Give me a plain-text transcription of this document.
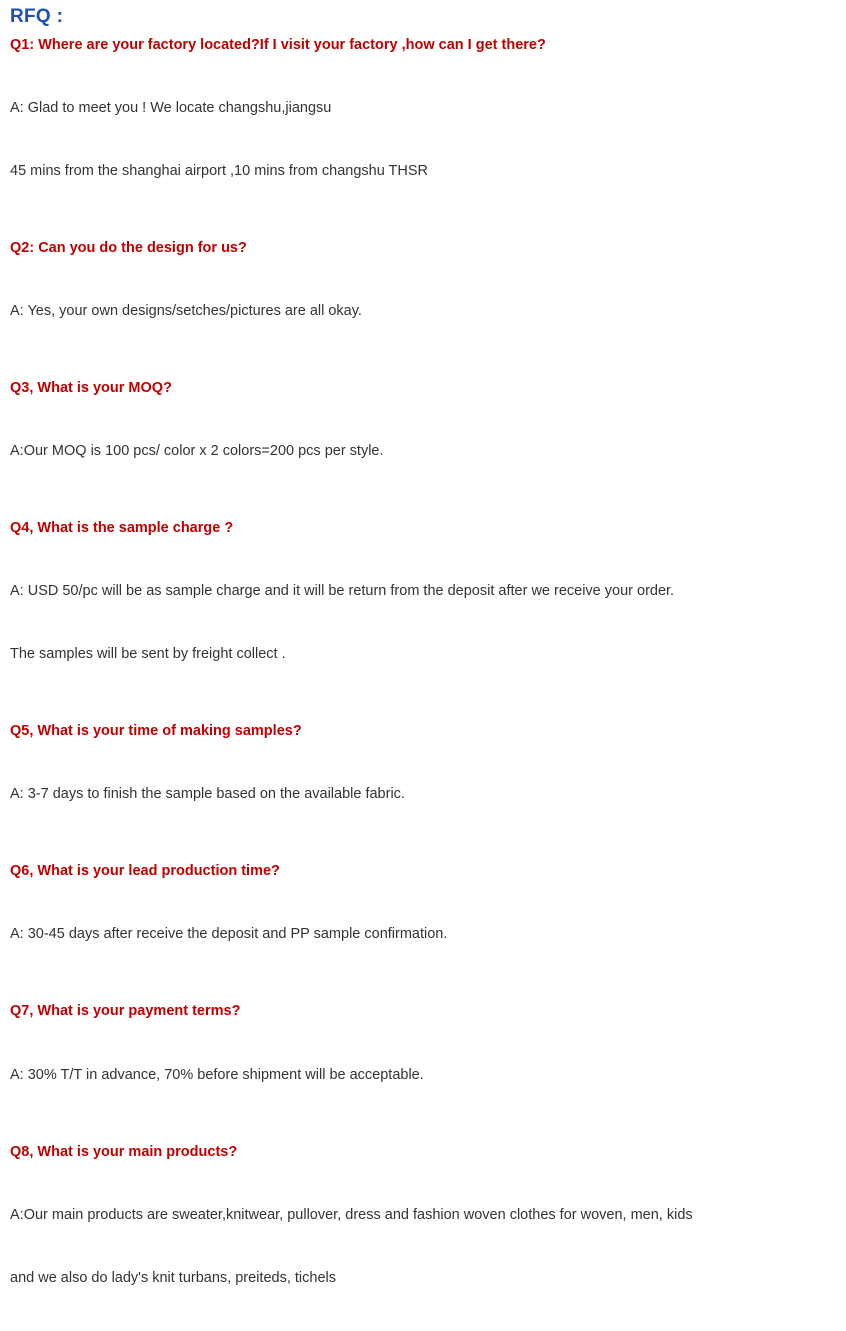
RFQ :

Q1: Where are your factory located?If I visit your factory ,how can I get there?

A: Glad to meet you ! We locate changshu,jiangsu

45 mins from the shanghai airport ,10 mins from changshu THSR

Q2: Can you do the design for us?

A: Yes, your own designs/setches/pictures are all okay.

Q3, What is your MOQ?

A:Our MOQ is 100 pcs/ color x 2 colors=200 pcs per style.

Q4, What is the sample charge ?

A: USD 50/pc will be as sample charge and it will be return from the deposit after we receive your order.

The samples will be sent by freight collect .

Q5, What is your time of making samples?

A: 3-7 days to finish the sample based on the available fabric.

Q6, What is your lead production time?

A: 30-45 days after receive the deposit and PP sample confirmation.

Q7, What is your payment terms?

A: 30% T/T in advance, 70% before shipment will be acceptable.

Q8, What is your main products?

A:Our main products are sweater,knitwear, pullover, dress and fashion woven clothes for woven, men, kids

and we also do lady's knit turbans, preiteds, tichels
